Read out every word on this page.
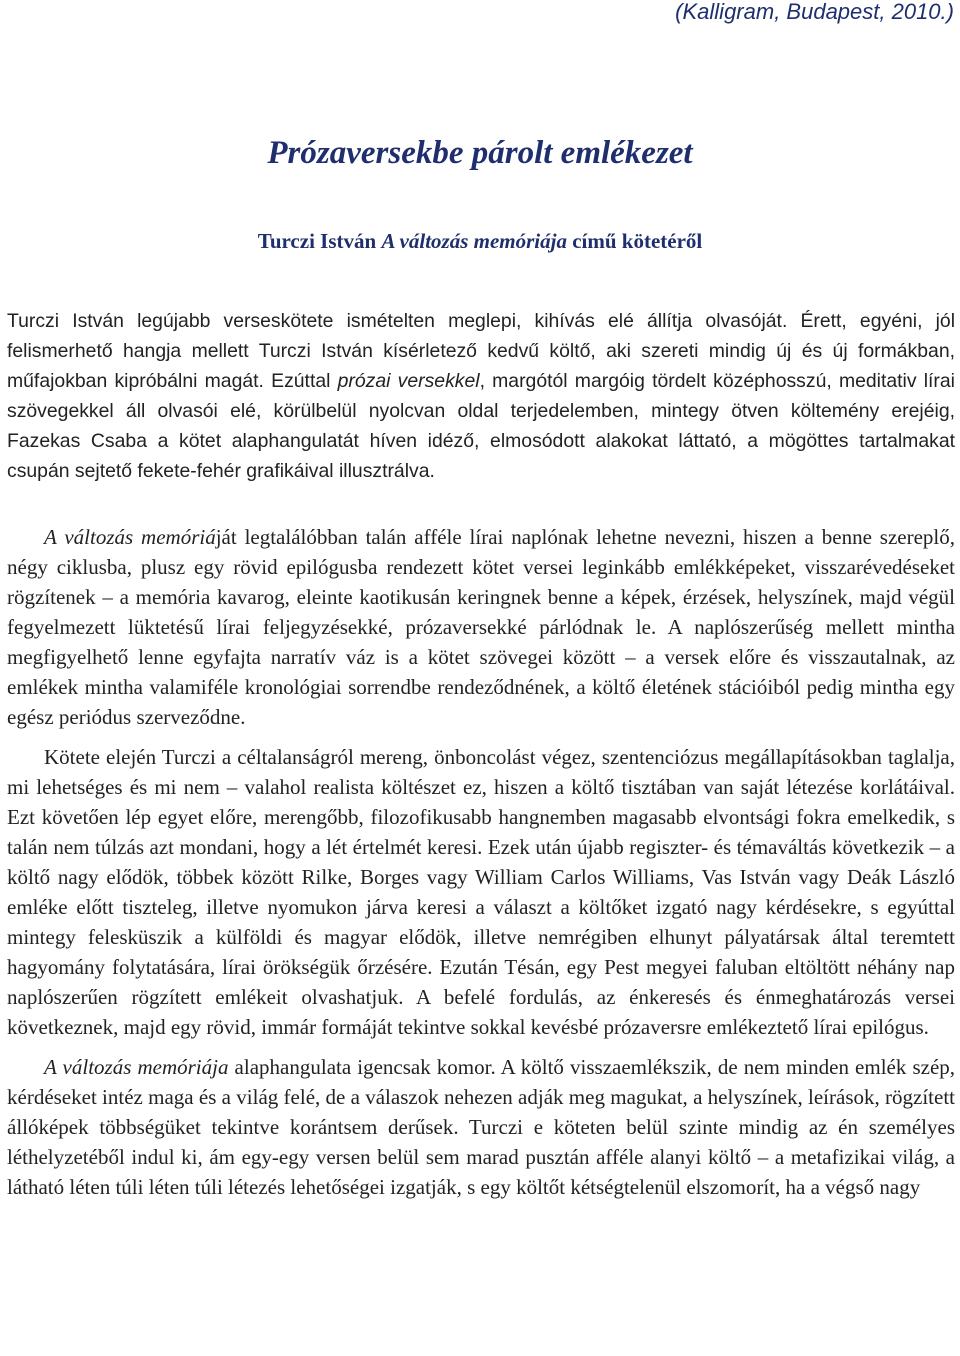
(Kalligram, Budapest, 2010.)

Prózaversekbe párolt emlékezet
Turczi István A változás memóriája című kötetéről

Turczi István legújabb verseskötete ismételten meglepi, kihívás elé állítja olvasóját. Érett, egyéni, jól felismerhető hangja mellett Turczi István kísérletező kedvű költő, aki szereti mindig új és új formákban, műfajokban kipróbálni magát. Ezúttal prózai versekkel, margótól margóig tördelt középhosszú, meditativ lírai szövegekkel áll olvasói elé, körülbelül nyolcvan oldal terjedelemben, mintegy ötven költemény erejéig, Fazekas Csaba a kötet alaphangulatát híven idéző, elmosódott alakokat láttató, a mögöttes tartalmakat csupán sejtető fekete-fehér grafikáival illusztrálva.

A változás memóriáját legtalálóbban talán afféle lírai naplónak lehetne nevezni, hiszen a benne szereplő, négy ciklusba, plusz egy rövid epilógusba rendezett kötet versei leginkább emlékképeket, visszarévedéseket rögzítenek – a memória kavarog, eleinte kaotikusán keringnek benne a képek, érzések, helyszínek, majd végül fegyelmezett lüktetésű lírai feljegyzésekké, prózaversekké párlódnak le. A naplószerűség mellett mintha megfigyelhető lenne egyfajta narratív váz is a kötet szövegei között – a versek előre és visszautalnak, az emlékek mintha valamiféle kronológiai sorrendbe rendeződnének, a költő életének stációiból pedig mintha egy egész periódus szerveződne.

Kötete elején Turczi a céltalanságról mereng, önboncolást végez, szentenciózus megállapításokban taglalja, mi lehetséges és mi nem – valahol realista költészet ez, hiszen a költő tisztában van saját létezése korlátáival. Ezt követően lép egyet előre, merengőbb, filozofikusabb hangnemben magasabb elvontsági fokra emelkedik, s talán nem túlzás azt mondani, hogy a lét értelmét keresi. Ezek után újabb regiszter- és témaváltás következik – a költő nagy elődök, többek között Rilke, Borges vagy William Carlos Williams, Vas István vagy Deák László emléke előtt tiszteleg, illetve nyomukon járva keresi a választ a költőket izgató nagy kérdésekre, s egyúttal mintegy felesküszik a külföldi és magyar elődök, illetve nemrégiben elhunyt pályatársak által teremtett hagyomány folytatására, lírai örökségük őrzésére. Ezután Tésán, egy Pest megyei faluban eltöltött néhány nap naplószerűen rögzített emlékeit olvashatjuk. A befelé fordulás, az énkeresés és énmeghatározás versei következnek, majd egy rövid, immár formáját tekintve sokkal kevésbé prózaversre emlékeztető lírai epilógus.

A változás memóriája alaphangulata igencsak komor. A költő visszaemlékszik, de nem minden emlék szép, kérdéseket intéz maga és a világ felé, de a válaszok nehezen adják meg magukat, a helyszínek, leírások, rögzített állóképek többségüket tekintve korántsem derűsek. Turczi e köteten belül szinte mindig az én személyes léthelyzetéből indul ki, ám egy-egy versen belül sem marad pusztán afféle alanyi költő – a metafizikai világ, a látható léten túli léten túli létezés lehetőségei izgatják, s egy költőt kétségtelenül elszomorít, ha a végső nagy
